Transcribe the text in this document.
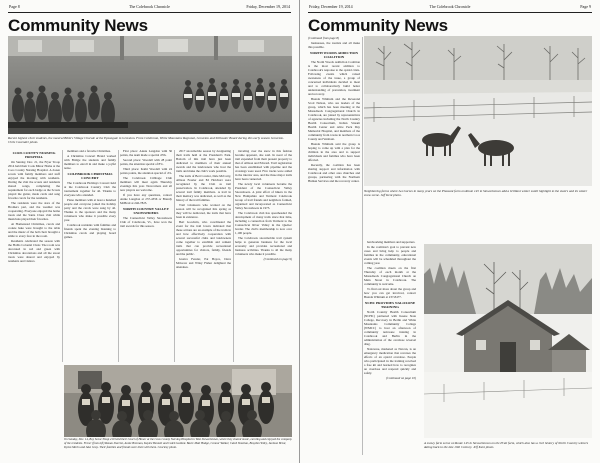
Page 8	The Colebrook Chronicle	Friday, December 19, 2014
Community News
Recent highest choir students, the musical Bible's Village Chorale at the Epsongate in Groveton. From Colebrook, White Mountains Regional, Groveton and Stillwater Board during this early season Groveton. Chris Cavender photo.
COOS COUNTY NURSING HOSPITAL
On Sunday, Dec. 21, the Fryer Troop 2014 held their Cook Minor Home at the Coos County Nursing Hospital. A dozen scouts with family members and staff enjoyed the morning with residents. During the visit the scouts and residents shared songs, completing the requirement for each badge as the Scouts played the guitar, made cards and sang favorite carols for the residents.
The residents were the stars of the Brothers part, and the weather was cooperating. Everyone enjoyed the home treats and the Santa Claus visit while musicians played their favorites.
At Homestead Christmas, carols and cookie bake were brought to the table and the music of the bell choir brought a smile to every face in the room.
Residents celebrated the season with the Hollis Colonial Choir. The room was decorated in red and green with Christmas decorations and all the sweet treats were shared and enjoyed by residents and visitors.
members and a favorite Christmas.
A Christmas Concert Brand worked with Bridge the students and family members to enroll in and make a joyful noise.
COLEBROOK CHRISTMAS CONCERT
The Colebrook Holidays Concert held at the Colebrook Country Club the tournament together for all. Thanks to everyone who attended.
Piano members with at least a hundred people and everyone joined the holiday party and the carols were sung by all. Thanks to the sponsors and the many volunteers who make it possible every year.
Colebrook residents with families and friends spent the evening listening to Christmas carols and playing board games.
First place: Annie Langdon with 36 points, the team made a special 47th.
Second place: Woodall with 28 point points, the attention special of 8%.
Third place: Kathi Woodall with 24 points points, the attention special of 4%.
The Colebrook Cribbage Club members will meet again Thursday evenings this year. Newcomers and all new players are welcome.
If you have any questions, contact Annie Langdon at 237-4356 or Brandy McBratt at 246-7825.
NORTH COUNTRY VALLEY SNOWSHOERS
The Connecticut Valley Snowshoers Club of Colebrook, Vt., have won the trail awards for this season.
2017 snowmobile season by designating their trails held at the President's Park. Bottom of this trail have just been dedicated to members of their annual awards and the landowners who host the trails and make the club's work possible.
The trails of Bert Condor, Dale McCarty, Allison Fessler and Ed Holchurt were recognized by the Club as trail preservation. In Colebrook, attended by several trail family members. A trail in their memory was dedicated, as well as the history of the trail families.
Trail volunteers who worked on the season will be recognized this spring as they will be dedicated, the trails that have been in existence.
Bert Goodwin, who coordinated the event for the trail lovers indicated that these actions are an example of the trails in and how effectively cooperation with several successful clubs and landowners come together to establish and cement trails that can provide recreational opportunities for visitors, family, friends and the public.
Jessica Fessler, Pat Boyce, Dave McGraw and Wiley Fisher delighted the attendees.
traveling over the snow in this fashion became apparent, she said. In need of the trail expanded from their present property to that of Allison and Edward. Trail registration has been established with pipeline and the crossings were used. Five tracks were added in the interior area, and the three major trails have been connected.
The newly local volunteers became the President of the Connecticut Valley Snowshoers. A joint effort of hikers in the New Hampshire and Vermont Colebrook Group of trail friends and neighbors formed, organized and incorporated as Connecticut Valley Snowshoers in 1973.
The Colebrook club has spearheaded the development of many trails since that time, including a connection from Vermont to the Connecticut River Valley in the Quebec border. The club's membership is now over 1,100 people.
The Colebrook snowmobile trail system helps to generate business for the local economy and provides recreational and business activities. Thanks to all the many volunteers who make it possible.
(Continued on page 9)
On Sunday, Dec. 14, Boy Scout Troop 219 held their Court of Honor at the Coos County Nursing Hospital in West Stewartstown, where they shared music, caroling and enjoyed the company of the residents. Front: (from left) Ronan Ducrest, Annie Brennan, Kaylee Bennett and Caleb Gallant. Back: Matt Hodge, Connor Walker, Caleb Sheehan, Brayden Wiley, Jackson Breur, Dylan Morin and Jake Gray. Their families and friends were there with them. Courtesy photo.
Friday, December 19, 2014	The Colebrook Chronicle	Page 9
Community News
(Continued from page 8)
businesses, the tourists and all make this possible.
NORTH WOODS ADDICTION COALITION
The North Woods Addiction Coalition is the most recent addition to Colebrook's response to the opioid crisis. Following events which raised awareness of the issue, a group of concerned individuals decided to meet and to collaboratively build better understanding of prevention, treatment and recovery.
Brenda Whittum and the Reverend Scott Nelson, who are leaders of the group, which has been meeting at the Monadnock Congregational Church in Colebrook, are joined by representatives of agencies including the North Country Health Consortium, Indian Stream Health Center and Alice Peck Day Memorial Hospital, and members of the community from towns in northern Coos County and Vermont.
Brenda Whittum said the group is hoping to come up with a plan for the children in the area and to support individuals and families who have been affected.
Recently, the coalition has been sharing support and information with Colebrook and other area churches and groups, partnering with the Northern Human Services and the recovery center.
hardworking members and supporters.
In the coalition's goal to prevent new cases and bring help to people and families in the community, educational events will be scheduled throughout the coming year.
The coalition meets on the first Thursday of each month at the Monadnock Congregational Church on Main Street in Colebrook. The community is welcome.
To find out more about the group and how you can get involved, contact Brenda Whittum at 237-8477.
NCHC PROVIDES NALOXONE TRAINING
North Country Health Consortium (NCHC) partnered with Keene State College, Recovery in Berlin and White Mountains Community College (WMCC) to host an afternoon of community naloxone training in Colebrook and Berlin in the administration of the overdose reversal drug.
Naloxone, marketed as Narcan, is an emergency medication that reverses the effects of an opioid overdose. People who participated in the training received a free kit and learned how to recognize an overdose and respond quickly and safely.
(Continued on page 10)
Neighboring farms where two horses in many years on the Pleasant farm on Route 145 in Stewartstown add a brilliant winter sunlit highlight to the state's and its winter snow scene. Jeff Kent photo.
A snowy farm scene on Route 145 in Stewartstown on the Pratt farm, which also has a rich history of North Country winters dating back to the late 19th Century. Jeff Kent photo.
